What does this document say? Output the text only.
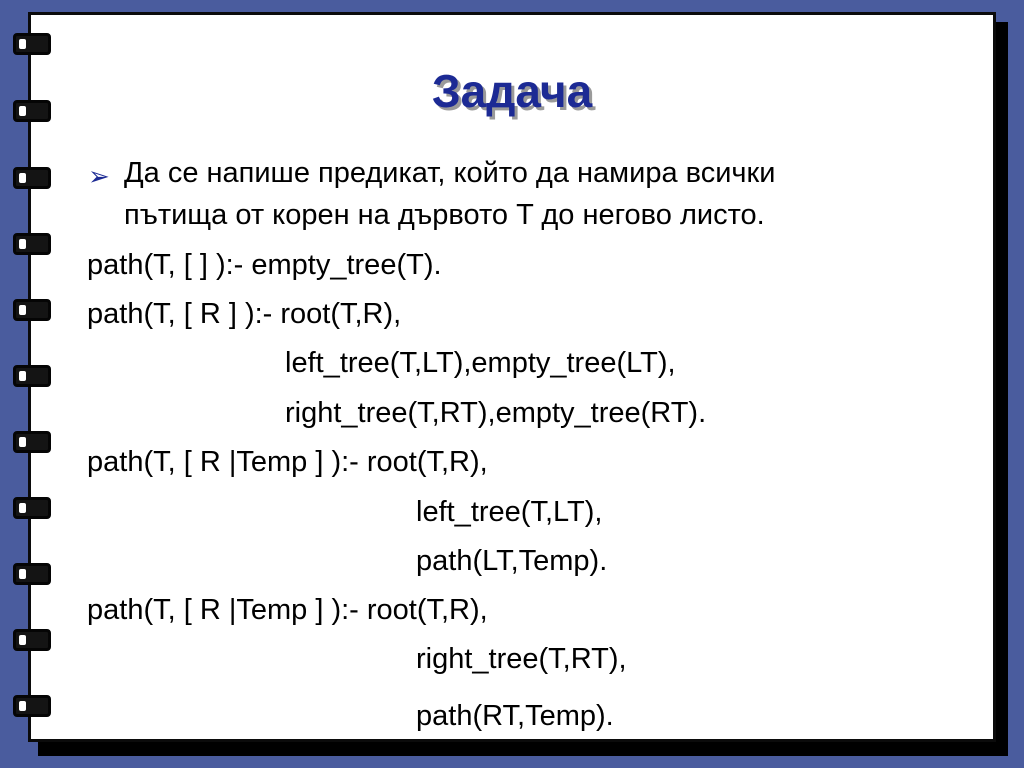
Задача
➢ Да се напише предикат, който да намира всички
пътища от корен на дървото T до негово листо.
path(T, [ ] ):- empty_tree(T).
path(T, [ R ] ):- root(T,R),
left_tree(T,LT),empty_tree(LT),
right_tree(T,RT),empty_tree(RT).
path(T, [ R |Temp ] ):- root(T,R),
left_tree(T,LT),
path(LT,Temp).
path(T, [ R |Temp ] ):- root(T,R),
right_tree(T,RT),
path(RT,Temp).
